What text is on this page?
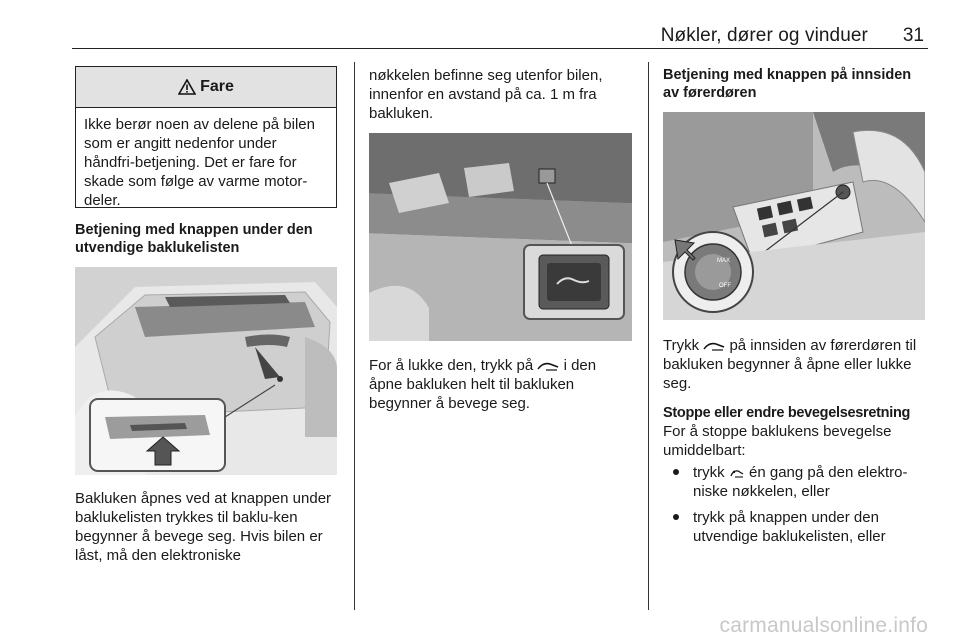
Nøkler, dører og vinduer 31
Fare

Ikke berør noen av delene på bilen som er angitt nedenfor under håndfri-betjening. Det er fare for skade som følge av varme motor-deler.

Betjening med knappen under den utvendige baklukelisten

Bakluken åpnes ved at knappen under baklukelisten trykkes til baklu-ken begynner å bevege seg. Hvis bilen er låst, må den elektroniske

nøkkelen befinne seg utenfor bilen, innenfor en avstand på ca. 1 m fra bakluken.

For å lukke den, trykk på i den åpne bakluken helt til bakluken begynner å bevege seg.

Betjening med knappen på innsiden av førerdøren

MAX
OFF

Trykk på innsiden av førerdøren til bakluken begynner å åpne eller lukke seg.

Stoppe eller endre bevegelsesretning

For å stoppe baklukens bevegelse umiddelbart:

trykk én gang på den elektro-niske nøkkelen, eller
trykk på knappen under den utvendige baklukelisten, eller
carmanualsonline.info
